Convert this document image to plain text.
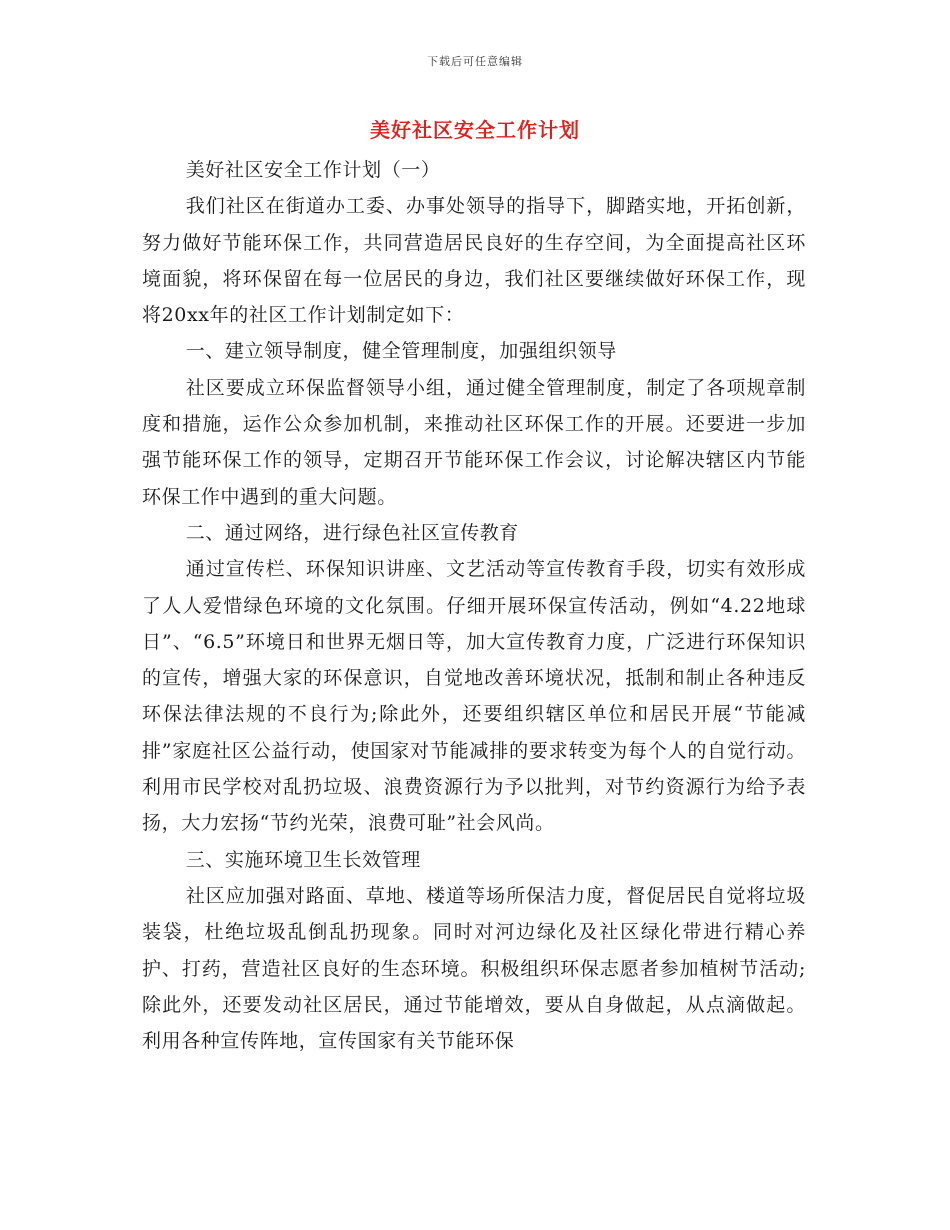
下载后可任意编辑
美好社区安全工作计划

美好社区安全工作计划（一）

我们社区在街道办工委、办事处领导的指导下，脚踏实地，开拓创新，努力做好节能环保工作，共同营造居民良好的生存空间，为全面提高社区环境面貌，将环保留在每一位居民的身边，我们社区要继续做好环保工作，现将20xx年的社区工作计划制定如下：

一、建立领导制度，健全管理制度，加强组织领导

社区要成立环保监督领导小组，通过健全管理制度，制定了各项规章制度和措施，运作公众参加机制，来推动社区环保工作的开展。还要进一步加强节能环保工作的领导，定期召开节能环保工作会议，讨论解决辖区内节能环保工作中遇到的重大问题。

二、通过网络，进行绿色社区宣传教育

通过宣传栏、环保知识讲座、文艺活动等宣传教育手段，切实有效形成了人人爱惜绿色环境的文化氛围。仔细开展环保宣传活动，例如“4.22地球日”、“6.5”环境日和世界无烟日等，加大宣传教育力度，广泛进行环保知识的宣传，增强大家的环保意识，自觉地改善环境状况，抵制和制止各种违反环保法律法规的不良行为;除此外，还要组织辖区单位和居民开展“节能减排”家庭社区公益行动，使国家对节能减排的要求转变为每个人的自觉行动。利用市民学校对乱扔垃圾、浪费资源行为予以批判，对节约资源行为给予表扬，大力宏扬“节约光荣，浪费可耻”社会风尚。

三、实施环境卫生长效管理

社区应加强对路面、草地、楼道等场所保洁力度，督促居民自觉将垃圾装袋，杜绝垃圾乱倒乱扔现象。同时对河边绿化及社区绿化带进行精心养护、打药，营造社区良好的生态环境。积极组织环保志愿者参加植树节活动;除此外，还要发动社区居民，通过节能增效，要从自身做起，从点滴做起。利用各种宣传阵地，宣传国家有关节能环保
